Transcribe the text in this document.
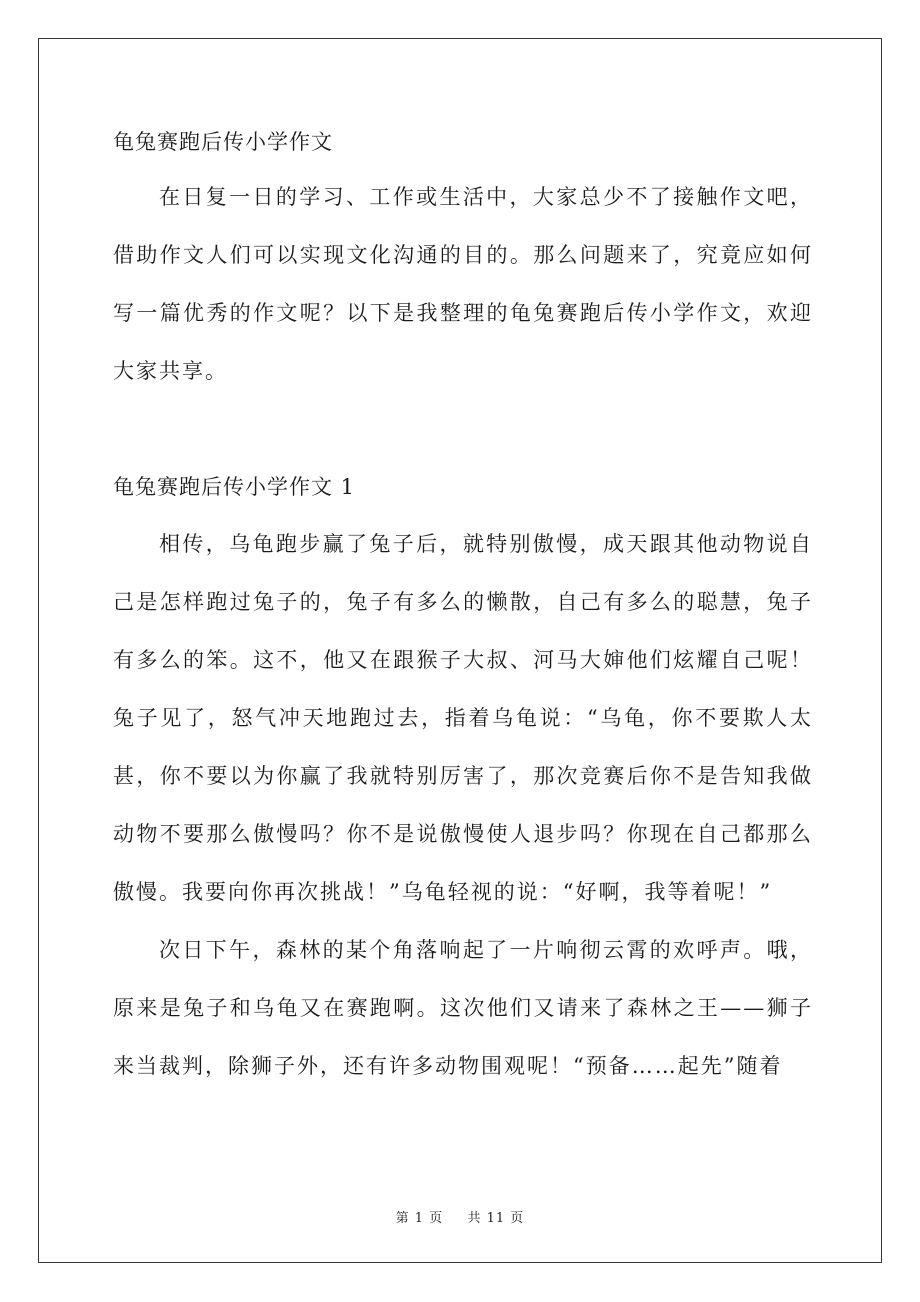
龟兔赛跑后传小学作文

在日复一日的学习、工作或生活中，大家总少不了接触作文吧，借助作文人们可以实现文化沟通的目的。那么问题来了，究竟应如何写一篇优秀的作文呢？以下是我整理的龟兔赛跑后传小学作文，欢迎大家共享。

龟兔赛跑后传小学作文 1

相传，乌龟跑步赢了兔子后，就特别傲慢，成天跟其他动物说自己是怎样跑过兔子的，兔子有多么的懒散，自己有多么的聪慧，兔子有多么的笨。这不，他又在跟猴子大叔、河马大婶他们炫耀自己呢！兔子见了，怒气冲天地跑过去，指着乌龟说：“乌龟，你不要欺人太甚，你不要以为你赢了我就特别厉害了，那次竞赛后你不是告知我做动物不要那么傲慢吗？你不是说傲慢使人退步吗？你现在自己都那么傲慢。我要向你再次挑战！”乌龟轻视的说：“好啊，我等着呢！”

次日下午，森林的某个角落响起了一片响彻云霄的欢呼声。哦，原来是兔子和乌龟又在赛跑啊。这次他们又请来了森林之王——狮子来当裁判，除狮子外，还有许多动物围观呢！“预备……起先”随着

第 1 页 共 11 页
